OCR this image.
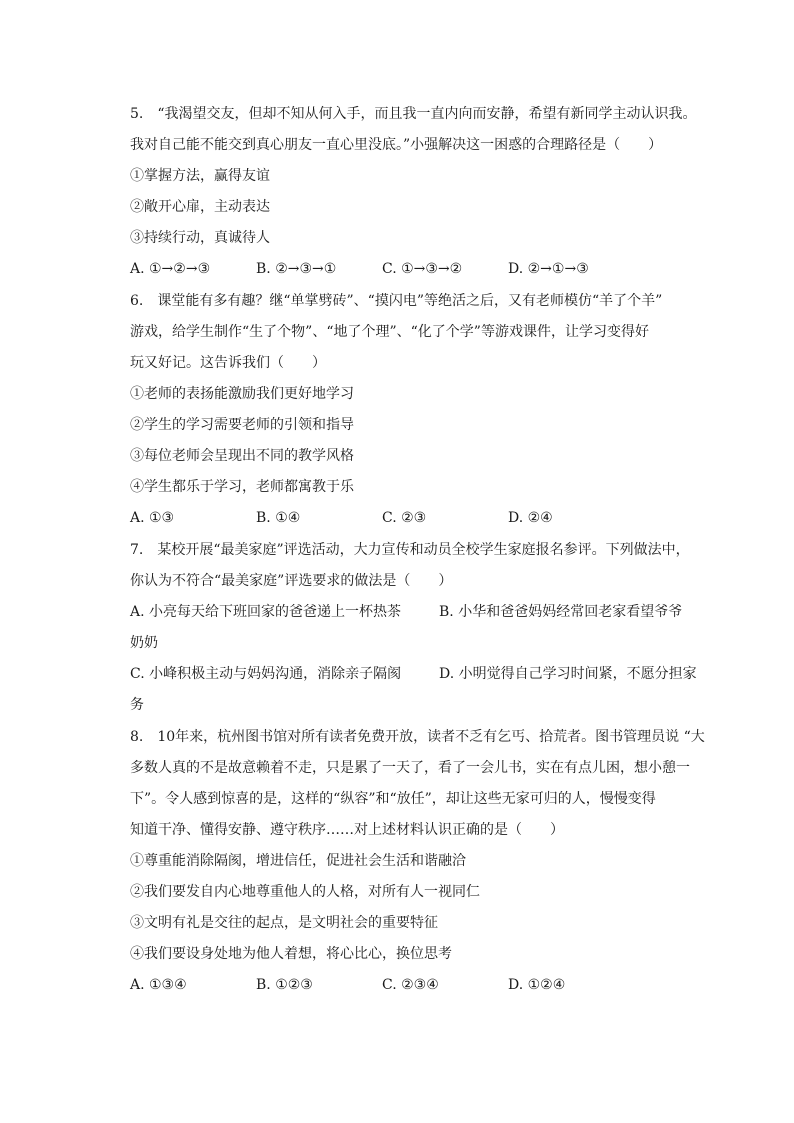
5.　“我渴望交友，但却不知从何入手，而且我一直内向而安静，希望有新同学主动认识我。
我对自己能不能交到真心朋友一直心里没底。”小强解决这一困惑的合理路径是（　　）
①掌握方法，赢得友谊
②敞开心扉，主动表达
③持续行动，真诚待人
A. ①→②→③	B. ②→③→①	C. ①→③→②	D. ②→①→③
6.　课堂能有多有趣？继“单掌劈砖”、“摸闪电”等绝活之后，又有老师模仿“羊了个羊”
游戏，给学生制作“生了个物”、“地了个理”、“化了个学”等游戏课件，让学习变得好
玩又好记。这告诉我们（　　）
①老师的表扬能激励我们更好地学习
②学生的学习需要老师的引领和指导
③每位老师会呈现出不同的教学风格
④学生都乐于学习，老师都寓教于乐
A. ①③	B. ①④	C. ②③	D. ②④
7.　某校开展“最美家庭”评选活动，大力宣传和动员全校学生家庭报名参评。下列做法中，
你认为不符合“最美家庭”评选要求的做法是（　　）
A. 小亮每天给下班回家的爸爸递上一杯热茶	B. 小华和爸爸妈妈经常回老家看望爷爷
奶奶
C. 小峰积极主动与妈妈沟通，消除亲子隔阂	D. 小明觉得自己学习时间紧，不愿分担家
务
8.　10年来，杭州图书馆对所有读者免费开放，读者不乏有乞丐、拾荒者。图书管理员说 “大
多数人真的不是故意赖着不走，只是累了一天了，看了一会儿书，实在有点儿困，想小憩一
下”。令人感到惊喜的是，这样的“纵容”和“放任”，却让这些无家可归的人，慢慢变得
知道干净、懂得安静、遵守秩序……对上述材料认识正确的是（　　）
①尊重能消除隔阂，增进信任，促进社会生活和谐融洽
②我们要发自内心地尊重他人的人格，对所有人一视同仁
③文明有礼是交往的起点，是文明社会的重要特征
④我们要设身处地为他人着想，将心比心，换位思考
A. ①③④	B. ①②③	C. ②③④	D. ①②④
